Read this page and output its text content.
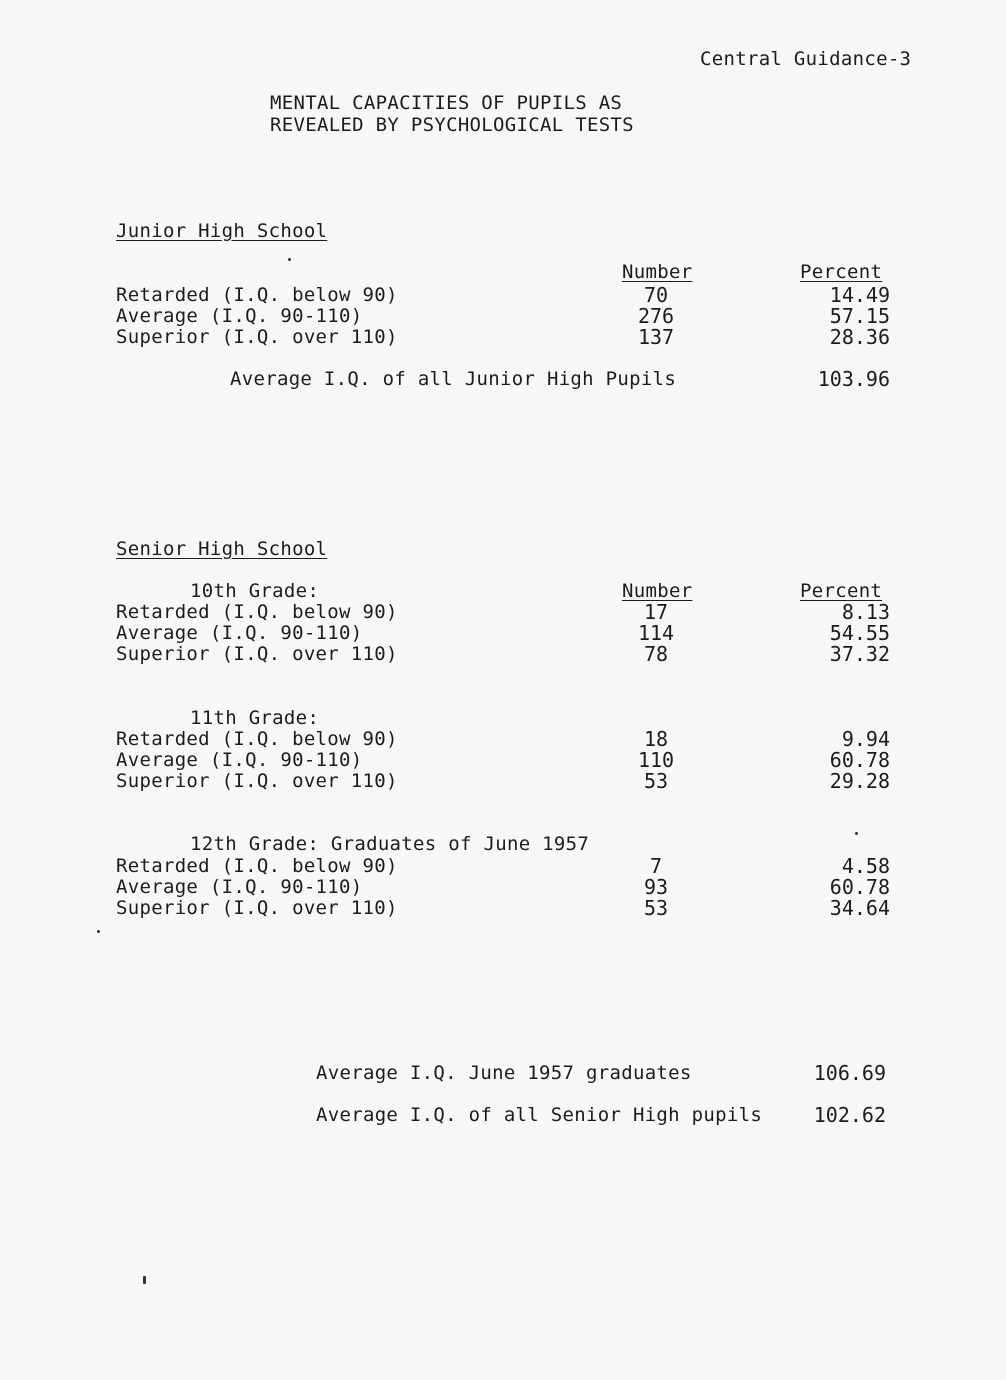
Central Guidance-3
MENTAL CAPACITIES OF PUPILS AS
REVEALED BY PSYCHOLOGICAL TESTS
Junior High School
Number	Percent
Retarded (I.Q. below 90)	70	14.49
Average (I.Q. 90-110)	276	57.15
Superior (I.Q. over 110)	137	28.36
Average I.Q. of all Junior High Pupils	103.96
Senior High School
10th Grade:	Number	Percent
Retarded (I.Q. below 90)	17	8.13
Average (I.Q. 90-110)	114	54.55
Superior (I.Q. over 110)	78	37.32
11th Grade:
Retarded (I.Q. below 90)	18	9.94
Average (I.Q. 90-110)	110	60.78
Superior (I.Q. over 110)	53	29.28
12th Grade: Graduates of June 1957
Retarded (I.Q. below 90)	7	4.58
Average (I.Q. 90-110)	93	60.78
Superior (I.Q. over 110)	53	34.64
Average I.Q. June 1957 graduates	106.69
Average I.Q. of all Senior High pupils	102.62
